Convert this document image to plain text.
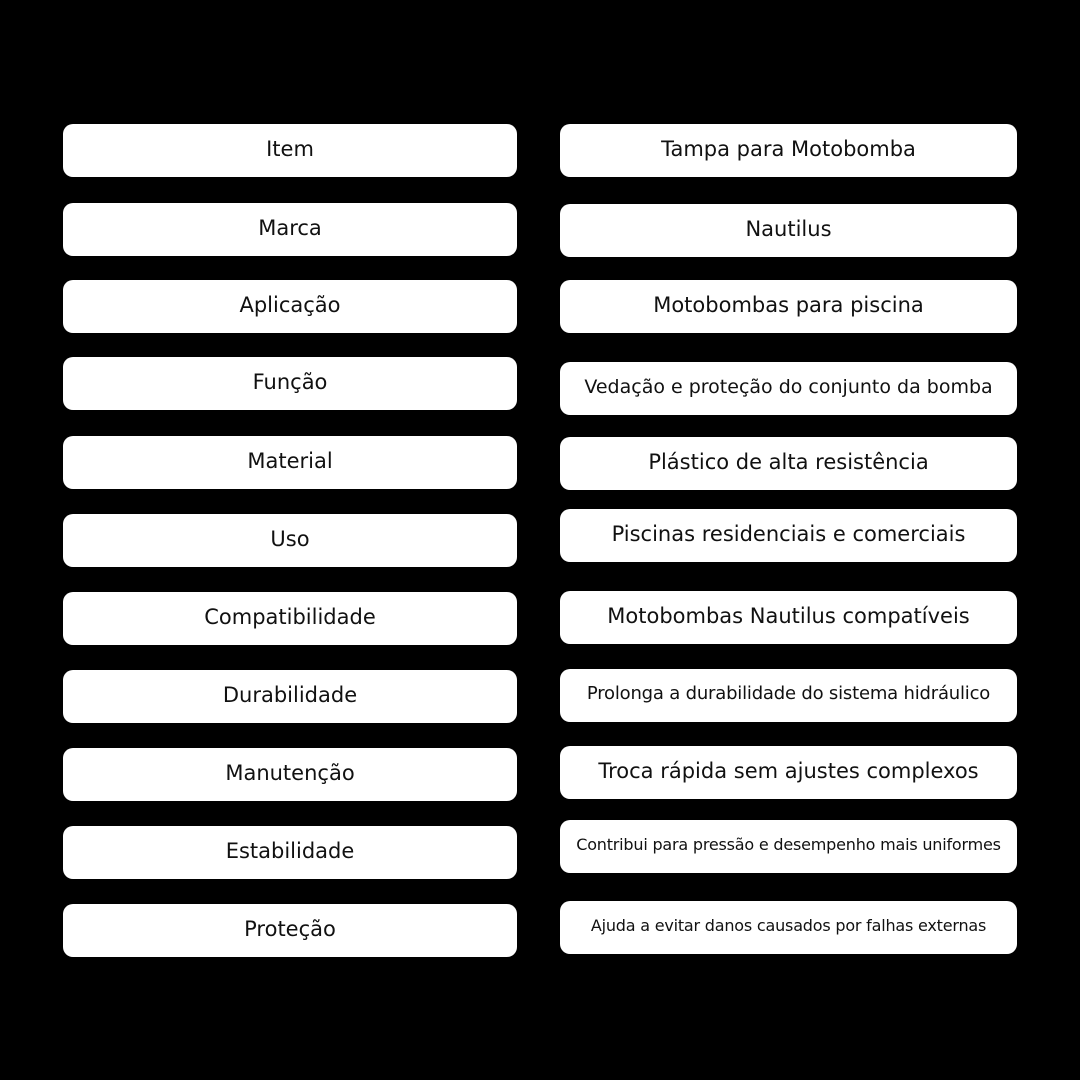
Item	Tampa para Motobomba
Marca	Nautilus
Aplicação	Motobombas para piscina
Função	Vedação e proteção do conjunto da bomba
Material	Plástico de alta resistência
Uso	Piscinas residenciais e comerciais
Compatibilidade	Motobombas Nautilus compatíveis
Durabilidade	Prolonga a durabilidade do sistema hidráulico
Manutenção	Troca rápida sem ajustes complexos
Estabilidade	Contribui para pressão e desempenho mais uniformes
Proteção	Ajuda a evitar danos causados por falhas externas
